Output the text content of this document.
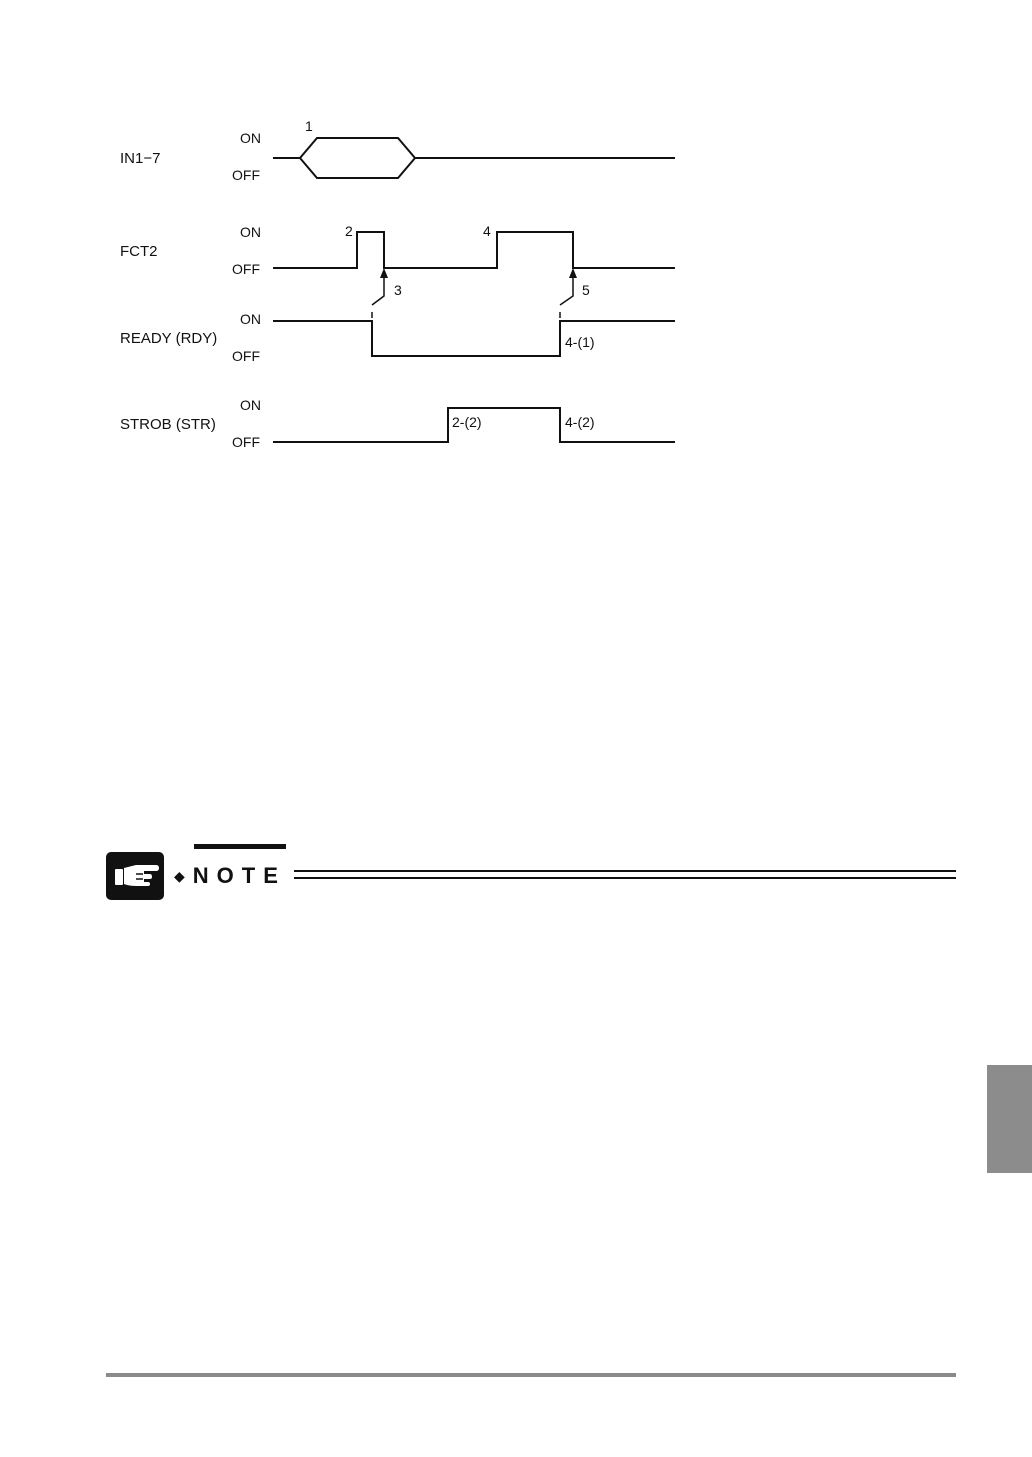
IN1−7
FCT2
READY (RDY)
STROB (STR)
ON
OFF
ON
OFF
ON
OFF
ON
OFF
1
2
3
4
5
4-(1)
2-(2)	4-(2)
◆ NOTE
